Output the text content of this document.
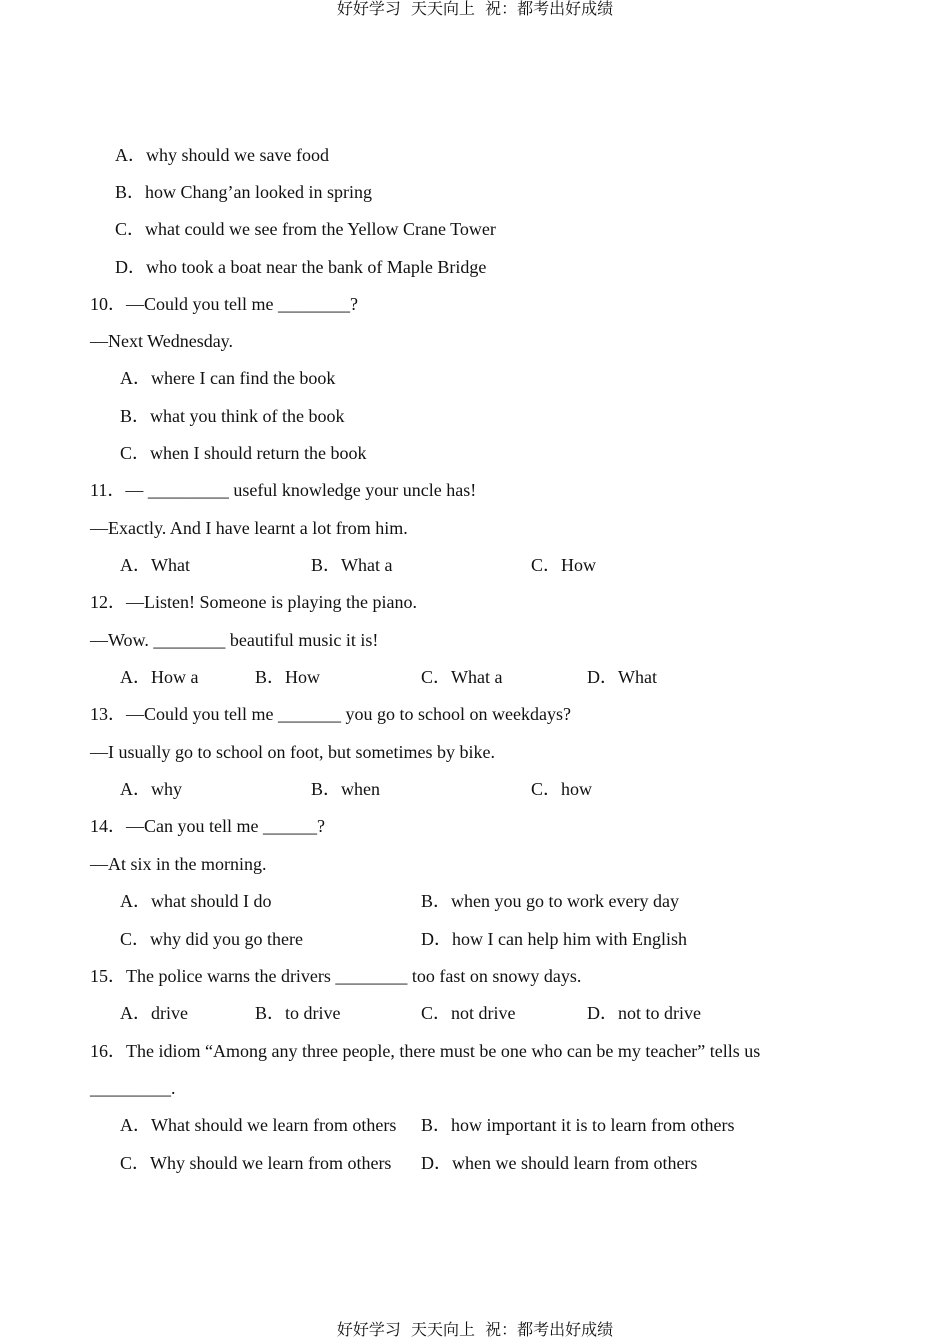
好好学习  天天向上  祝：都考出好成绩
A．why should we save food
B．how Chang’an looked in spring
C．what could we see from the Yellow Crane Tower
D．who took a boat near the bank of Maple Bridge
10．—Could you tell me ________?
—Next Wednesday.
A．where I can find the book
B．what you think of the book
C．when I should return the book
11．— _________ useful knowledge your uncle has!
—Exactly. And I have learnt a lot from him.
A．What	B．What a	C．How
12．—Listen! Someone is playing the piano.
—Wow. ________ beautiful music it is!
A．How a	B．How	C．What a	D．What
13．—Could you tell me _______ you go to school on weekdays?
—I usually go to school on foot, but sometimes by bike.
A．why	B．when	C．how
14．—Can you tell me ______?
—At six in the morning.
A．what should I do	B．when you go to work every day
C．why did you go there	D．how I can help him with English
15．The police warns the drivers ________ too fast on snowy days.
A．drive	B．to drive	C．not drive	D．not to drive
16．The idiom “Among any three people, there must be one who can be my teacher” tells us
_________.
A．What should we learn from others B．how important it is to learn from others
C．Why should we learn from others D．when we should learn from others
好好学习  天天向上  祝：都考出好成绩
